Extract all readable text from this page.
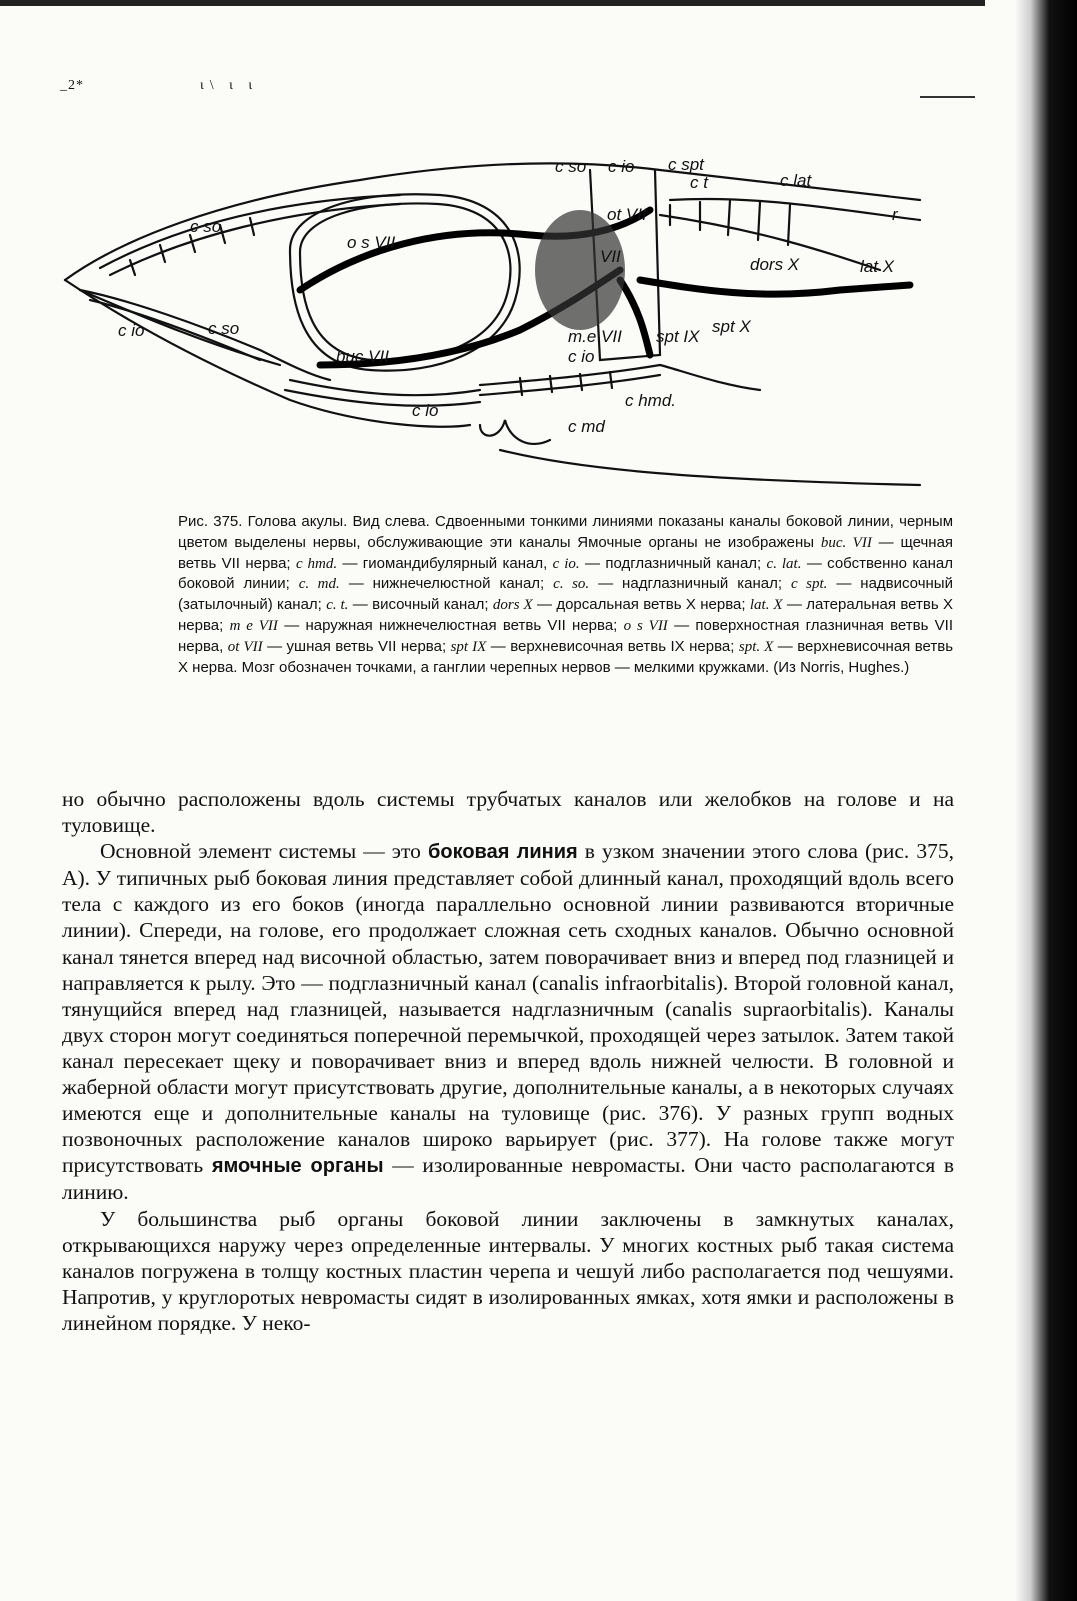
_2*	ι\ ι ι
c so c io c spt
c t	c lat
r
c so
o s VII
ot VII
VII	dors X	lat X
c io	c so	m.e VII spt IX
spt X
buc VII	c io
c io
c hmd.
c md

Рис. 375. Голова акулы. Вид слева. Сдвоенными тонкими линиями показаны каналы боковой линии, черным цветом выделены нервы, обслуживающие эти каналы Ямочные органы не изображены buc. VII — щечная ветвь VII нерва; c hmd. — гиомандибулярный канал, c io. — подглазничный канал; c. lat. — собственно канал боковой линии; c. md. — нижнечелюстной канал; c. so. — надглазничный канал; c spt. — надвисочный (затылочный) канал; c. t. — височный канал; dors X — дорсальная ветвь X нерва; lat. X — латеральная ветвь X нерва; m e VII — наружная нижнечелюстная ветвь VII нерва; o s VII — поверхностная глазничная ветвь VII нерва, ot VII — ушная ветвь VII нерва; spt IX — верхневисочная ветвь IX нерва; spt. X — верхневисочная ветвь X нерва. Мозг обозначен точками, а ганглии черепных нервов — мелкими кружками. (Из Norris, Hughes.)

но обычно расположены вдоль системы трубчатых каналов или желобков на голове и на туловище.

Основной элемент системы — это боковая линия в узком значении этого слова (рис. 375, А). У типичных рыб боковая линия представляет собой длинный канал, проходящий вдоль всего тела с каждого из его боков (иногда параллельно основной линии развиваются вторичные линии). Спереди, на голове, его продолжает сложная сеть сходных каналов. Обычно основной канал тянется вперед над височной областью, затем поворачивает вниз и вперед под глазницей и направляется к рылу. Это — подглазничный канал (canalis infraorbitalis). Второй головной канал, тянущийся вперед над глазницей, называется надглазничным (canalis supraorbitalis). Каналы двух сторон могут соединяться поперечной перемычкой, проходящей через затылок. Затем такой канал пересекает щеку и поворачивает вниз и вперед вдоль нижней челюсти. В головной и жаберной области могут присутствовать другие, дополнительные каналы, а в некоторых случаях имеются еще и дополнительные каналы на туловище (рис. 376). У разных групп водных позвоночных расположение каналов широко варьирует (рис. 377). На голове также могут присутствовать ямочные органы — изолированные невромасты. Они часто располагаются в линию.

У большинства рыб органы боковой линии заключены в замкнутых каналах, открывающихся наружу через определенные интервалы. У многих костных рыб такая система каналов погружена в толщу костных пластин черепа и чешуй либо располагается под чешуями. Напротив, у круглоротых невромасты сидят в изолированных ямках, хотя ямки и расположены в линейном порядке. У неко-
